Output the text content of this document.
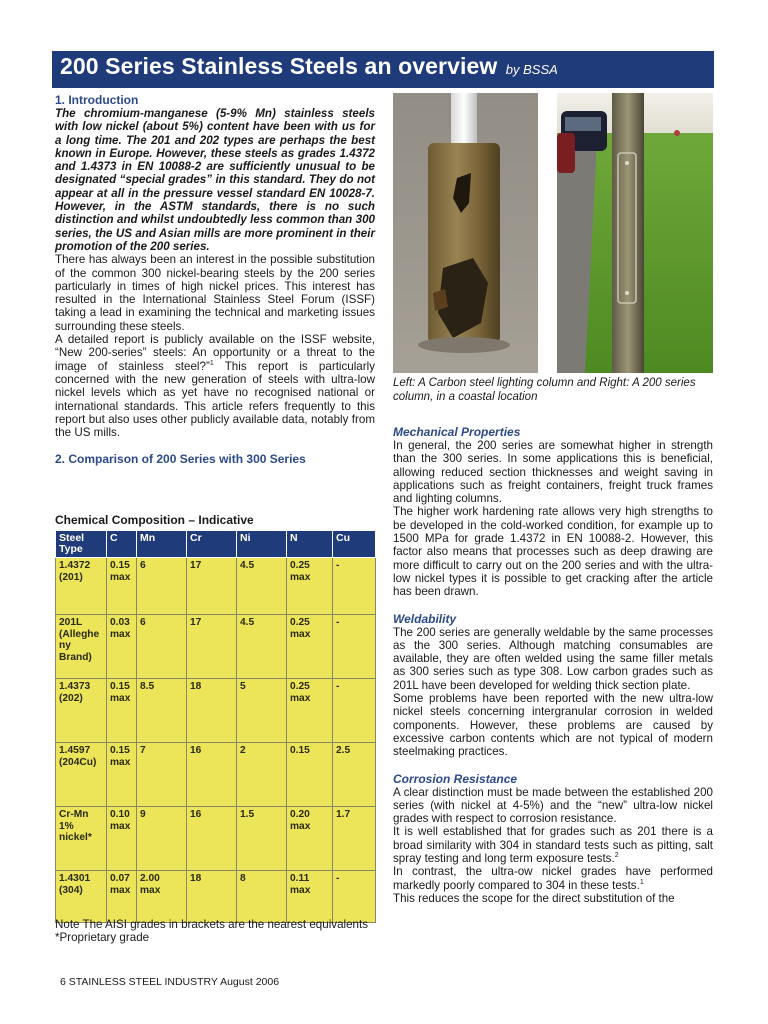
200 Series Stainless Steels an overview by BSSA
1. Introduction

The chromium-manganese (5-9% Mn) stainless steels with low nickel (about 5%) content have been with us for a long time. The 201 and 202 types are perhaps the best known in Europe. However, these steels as grades 1.4372 and 1.4373 in EN 10088-2 are sufficiently unusual to be designated “special grades” in this standard. They do not appear at all in the pressure vessel standard EN 10028-7. However, in the ASTM standards, there is no such distinction and whilst undoubtedly less common than 300 series, the US and Asian mills are more prominent in their promotion of the 200 series.

There has always been an interest in the possible substitution of the common 300 nickel-bearing steels by the 200 series particularly in times of high nickel prices. This interest has resulted in the International Stainless Steel Forum (ISSF) taking a lead in examining the technical and marketing issues surrounding these steels.

A detailed report is publicly available on the ISSF website, “New 200-series” steels: An opportunity or a threat to the image of stainless steel?”$^1$ This report is particularly concerned with the new generation of steels with ultra-low nickel levels which as yet have no recognised national or international standards. This article refers frequently to this report but also uses other publicly available data, notably from the US mills.

2. Comparison of 200 Series with 300 Series
Chemical Composition – Indicative
Steel Type	C	Mn	Cr	Ni	N	Cu
1.4372 (201)	0.15 max	6	17	4.5	0.25 max	-
201L (Allegheny Brand)	0.03 max	6	17	4.5	0.25 max	-
1.4373 (202)	0.15 max	8.5	18	5	0.25 max	-
1.4597 (204Cu)	0.15 max	7	16	2	0.15	2.5
Cr-Mn 1% nickel*	0.10 max	9	16	1.5	0.20 max	1.7
1.4301 (304)	0.07 max	2.00 max	18	8	0.11 max	-

Note The AISI grades in brackets are the nearest equivalents

*Proprietary grade
Left: A Carbon steel lighting column and Right: A 200 series column, in a coastal location
Mechanical Properties

In general, the 200 series are somewhat higher in strength than the 300 series. In some applications this is beneficial, allowing reduced section thicknesses and weight saving in applications such as freight containers, freight truck frames and lighting columns.

The higher work hardening rate allows very high strengths to be developed in the cold-worked condition, for example up to 1500 MPa for grade 1.4372 in EN 10088-2. However, this factor also means that processes such as deep drawing are more difficult to carry out on the 200 series and with the ultra-low nickel types it is possible to get cracking after the article has been drawn.

Weldability

The 200 series are generally weldable by the same processes as the 300 series. Although matching consumables are available, they are often welded using the same filler metals as 300 series such as type 308. Low carbon grades such as 201L have been developed for welding thick section plate.

Some problems have been reported with the new ultra-low nickel steels concerning intergranular corrosion in welded components. However, these problems are caused by excessive carbon contents which are not typical of modern steelmaking practices.

Corrosion Resistance

A clear distinction must be made between the established 200 series (with nickel at 4-5%) and the “new” ultra-low nickel grades with respect to corrosion resistance.

It is well established that for grades such as 201 there is a broad similarity with 304 in standard tests such as pitting, salt spray testing and long term exposure tests.$^2$

In contrast, the ultra-ow nickel grades have performed markedly poorly compared to 304 in these tests.$^1$

This reduces the scope for the direct substitution of the

6 STAINLESS STEEL INDUSTRY August 2006
